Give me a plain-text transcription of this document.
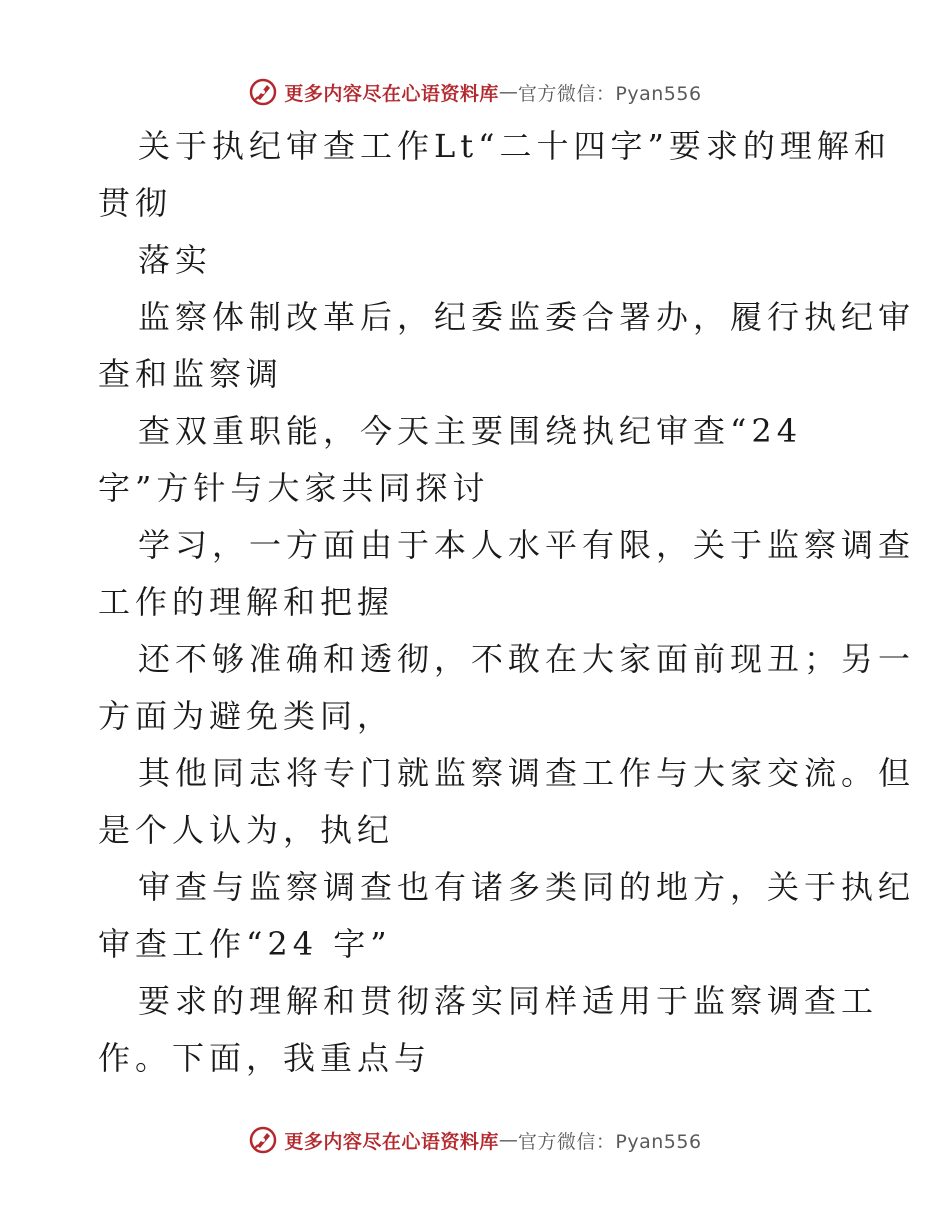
更多内容尽在心语资料库 — 官方微信：Pyan556
关于执纪审查工作Lt“二十四字”要求的理解和
贯彻
落实
监察体制改革后，纪委监委合署办，履行执纪审
查和监察调
查双重职能，今天主要围绕执纪审查“24
字”方针与大家共同探讨
学习，一方面由于本人水平有限，关于监察调查
工作的理解和把握
还不够准确和透彻，不敢在大家面前现丑；另一
方面为避免类同，
其他同志将专门就监察调查工作与大家交流。但
是个人认为，执纪
审查与监察调查也有诸多类同的地方，关于执纪
审查工作“24 字”
要求的理解和贯彻落实同样适用于监察调查工
作。下面，我重点与
更多内容尽在心语资料库 — 官方微信：Pyan556
